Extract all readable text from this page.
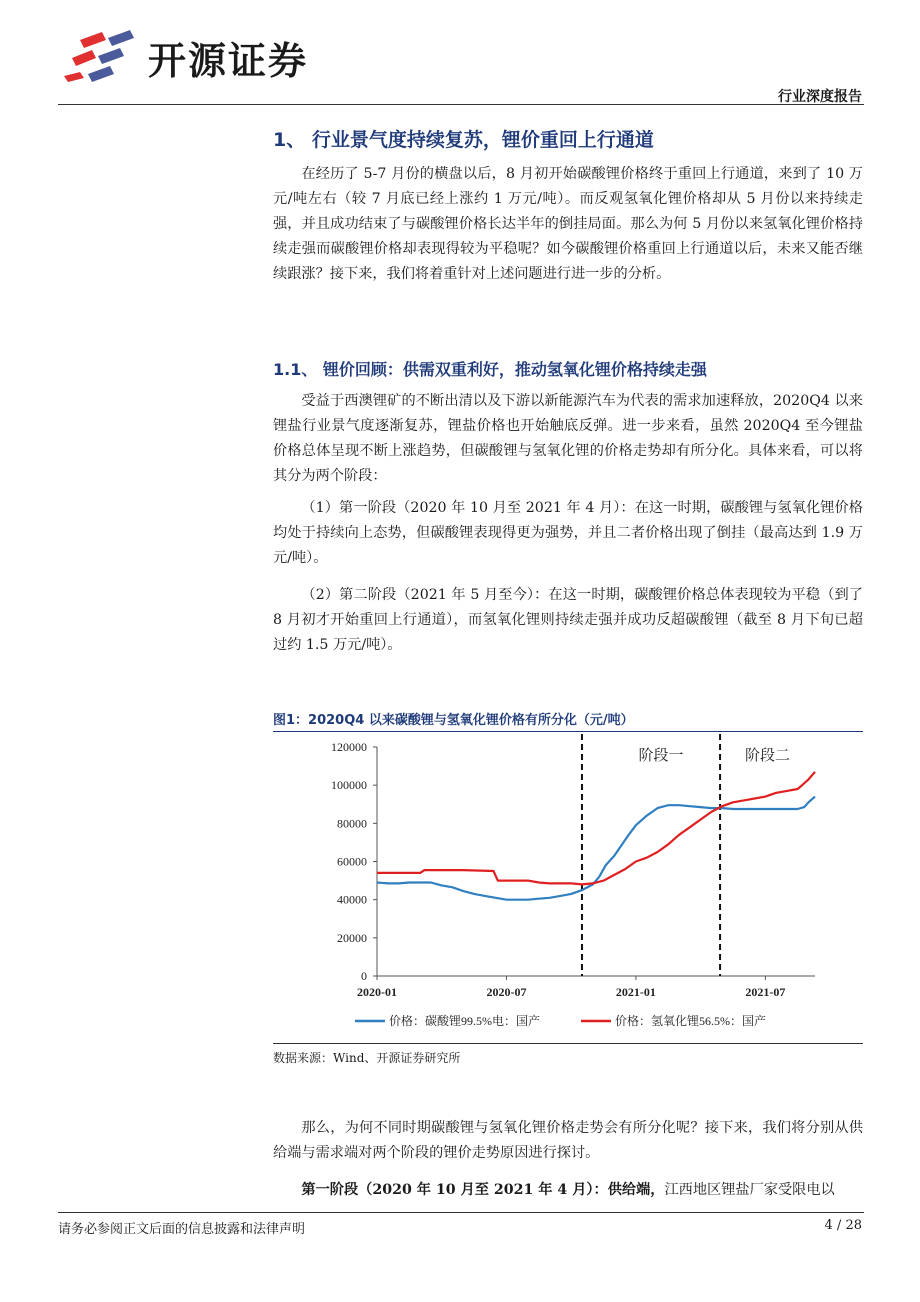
开源证券
行业深度报告
1、 行业景气度持续复苏，锂价重回上行通道

在经历了 5-7 月份的横盘以后，8 月初开始碳酸锂价格终于重回上行通道，来到了 10 万元/吨左右（较 7 月底已经上涨约 1 万元/吨）。而反观氢氧化锂价格却从 5 月份以来持续走强，并且成功结束了与碳酸锂价格长达半年的倒挂局面。那么为何 5 月份以来氢氧化锂价格持续走强而碳酸锂价格却表现得较为平稳呢？如今碳酸锂价格重回上行通道以后，未来又能否继续跟涨？接下来，我们将着重针对上述问题进行进一步的分析。

1.1、 锂价回顾：供需双重利好，推动氢氧化锂价格持续走强

受益于西澳锂矿的不断出清以及下游以新能源汽车为代表的需求加速释放，2020Q4 以来锂盐行业景气度逐渐复苏，锂盐价格也开始触底反弹。进一步来看，虽然 2020Q4 至今锂盐价格总体呈现不断上涨趋势，但碳酸锂与氢氧化锂的价格走势却有所分化。具体来看，可以将其分为两个阶段：

（1）第一阶段（2020 年 10 月至 2021 年 4 月）：在这一时期，碳酸锂与氢氧化锂价格均处于持续向上态势，但碳酸锂表现得更为强势，并且二者价格出现了倒挂（最高达到 1.9 万元/吨）。

（2）第二阶段（2021 年 5 月至今）：在这一时期，碳酸锂价格总体表现较为平稳（到了 8 月初才开始重回上行通道），而氢氧化锂则持续走强并成功反超碳酸锂（截至 8 月下旬已超过约 1.5 万元/吨）。

图1：2020Q4 以来碳酸锂与氢氧化锂价格有所分化（元/吨）
0
20000
40000
60000
80000
100000
120000
2020-01	2020-07	2021-01	2021-07
阶段一	阶段二
价格：碳酸锂99.5%电：国产	价格：氢氧化锂56.5%：国产
数据来源：Wind、开源证券研究所

那么，为何不同时期碳酸锂与氢氧化锂价格走势会有所分化呢？接下来，我们将分别从供给端与需求端对两个阶段的锂价走势原因进行探讨。

第一阶段（2020 年 10 月至 2021 年 4 月）：供给端，江西地区锂盐厂家受限电以

请务必参阅正文后面的信息披露和法律声明	4 / 28
